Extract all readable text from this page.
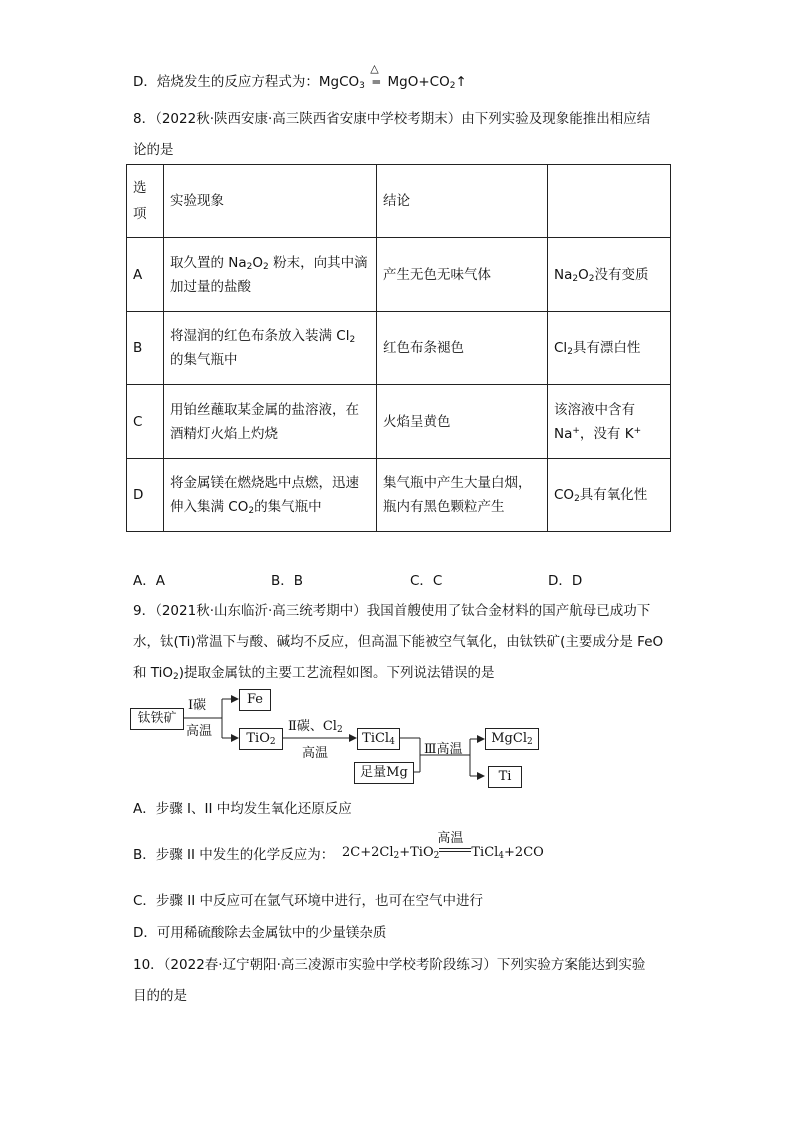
D．焙烧发生的反应方程式为：MgCO$_3$
△
═ $MgO+CO_2↑$
8．（2022秋·陕西安康·高三陕西省安康中学校考期末）由下列实验及现象能推出相应结
论的是
选项	实验现象	结论	
A	取久置的 $Na_2O_2$ 粉末，向其中滴加过量的盐酸	产生无色无味气体	$Na_2O_2$没有变质
B	将湿润的红色布条放入装满 $Cl_2$
的集气瓶中	红色布条褪色	$Cl_2$具有漂白性
C	用铂丝蘸取某金属的盐溶液，在酒精灯火焰上灼烧	火焰呈黄色	该溶液中含有
Na+，没有 K+
D	将金属镁在燃烧匙中点燃，迅速伸入集满 $CO_2$的集气瓶中	集气瓶中产生大量白烟，瓶内有黑色颗粒产生	$CO_2$具有氧化性
A．A	B．B	C．C	D．D
9．（2021秋·山东临沂·高三统考期中）我国首艘使用了钛合金材料的国产航母已成功下
水，钛(Ti)常温下与酸、碱均不反应，但高温下能被空气氧化，由钛铁矿(主要成分是 FeO
和 TiO$_2$)提取金属钛的主要工艺流程如图。下列说法错误的是
钛铁矿
Ⅰ碳
高温
Fe
TiO$_2$
Ⅱ碳、$Cl_2$
高温
TiCl$_4$
足量Mg
Ⅲ高温
MgCl$_2$
Ti
A．步骤 I、II 中均发生氧化还原反应
B．步骤 II 中发生的化学反应为： $2C+2Cl_2+TiO_2$
高温
TiCl$_4$+2CO
C．步骤 II 中反应可在氩气环境中进行，也可在空气中进行
D．可用稀硫酸除去金属钛中的少量镁杂质
10．（2022春·辽宁朝阳·高三凌源市实验中学校考阶段练习）下列实验方案能达到实验
目的的是
